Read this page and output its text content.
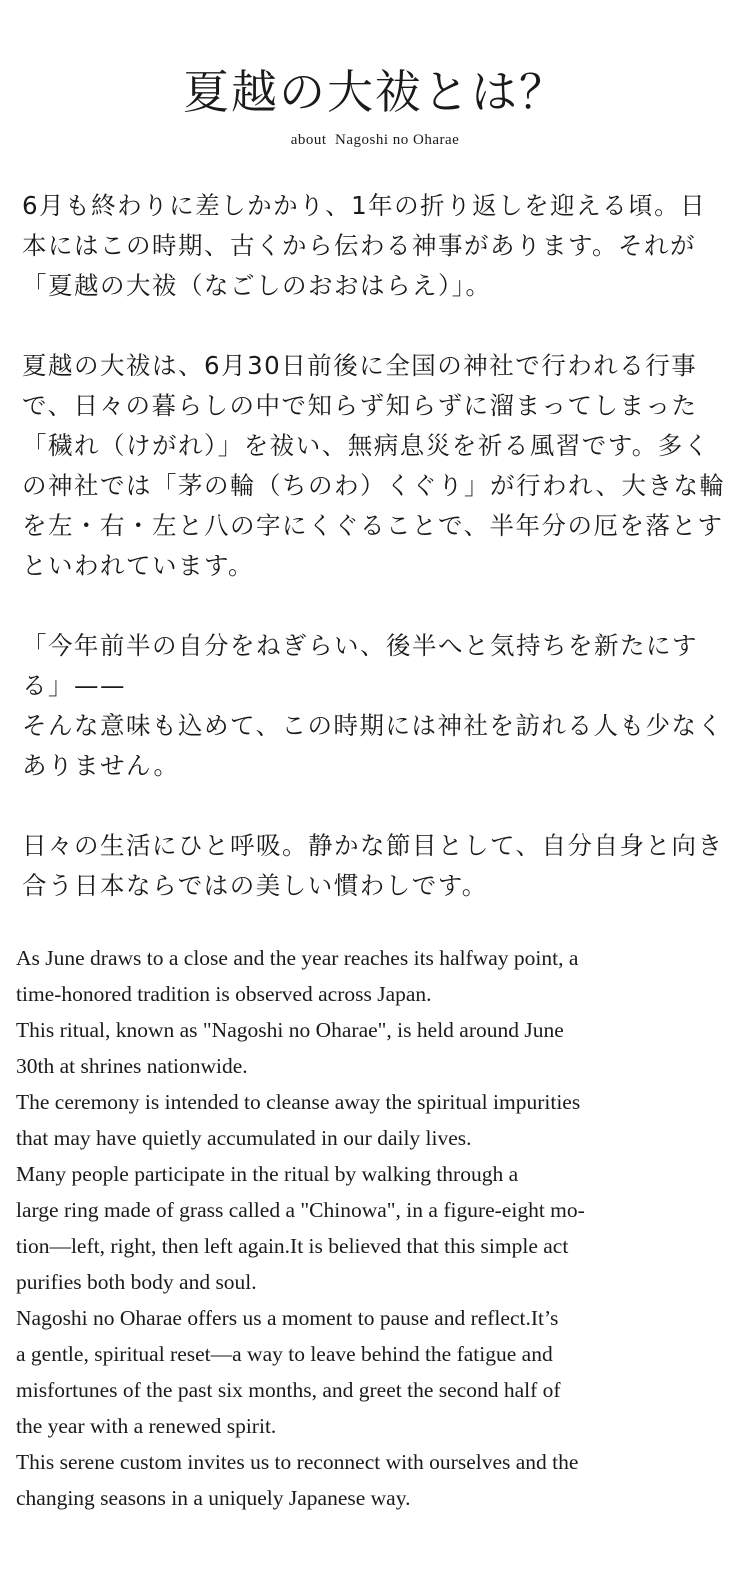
夏越の大祓とは？
about  Nagoshi no Oharae

6月も終わりに差しかかり、1年の折り返しを迎える頃。日本にはこの時期、古くから伝わる神事があります。それが「夏越の大祓（なごしのおおはらえ）」。

夏越の大祓は、6月30日前後に全国の神社で行われる行事で、日々の暮らしの中で知らず知らずに溜まってしまった「穢れ（けがれ）」を祓い、無病息災を祈る風習です。多くの神社では「茅の輪（ちのわ）くぐり」が行われ、大きな輪を左・右・左と八の字にくぐることで、半年分の厄を落とすといわれています。

「今年前半の自分をねぎらい、後半へと気持ちを新たにする」——
そんな意味も込めて、この時期には神社を訪れる人も少なくありません。

日々の生活にひと呼吸。静かな節目として、自分自身と向き合う日本ならではの美しい慣わしです。

As June draws to a close and the year reaches its halfway point, a
time-honored tradition is observed across Japan.
This ritual, known as "Nagoshi no Oharae", is held around June
30th at shrines nationwide.
The ceremony is intended to cleanse away the spiritual impurities
that may have quietly accumulated in our daily lives.
Many people participate in the ritual by walking through a
large ring made of grass called a "Chinowa", in a figure-eight mo-
tion—left, right, then left again.It is believed that this simple act
purifies both body and soul.
Nagoshi no Oharae offers us a moment to pause and reflect.It’s
a gentle, spiritual reset—a way to leave behind the fatigue and
misfortunes of the past six months, and greet the second half of
the year with a renewed spirit.
This serene custom invites us to reconnect with ourselves and the
changing seasons in a uniquely Japanese way.
